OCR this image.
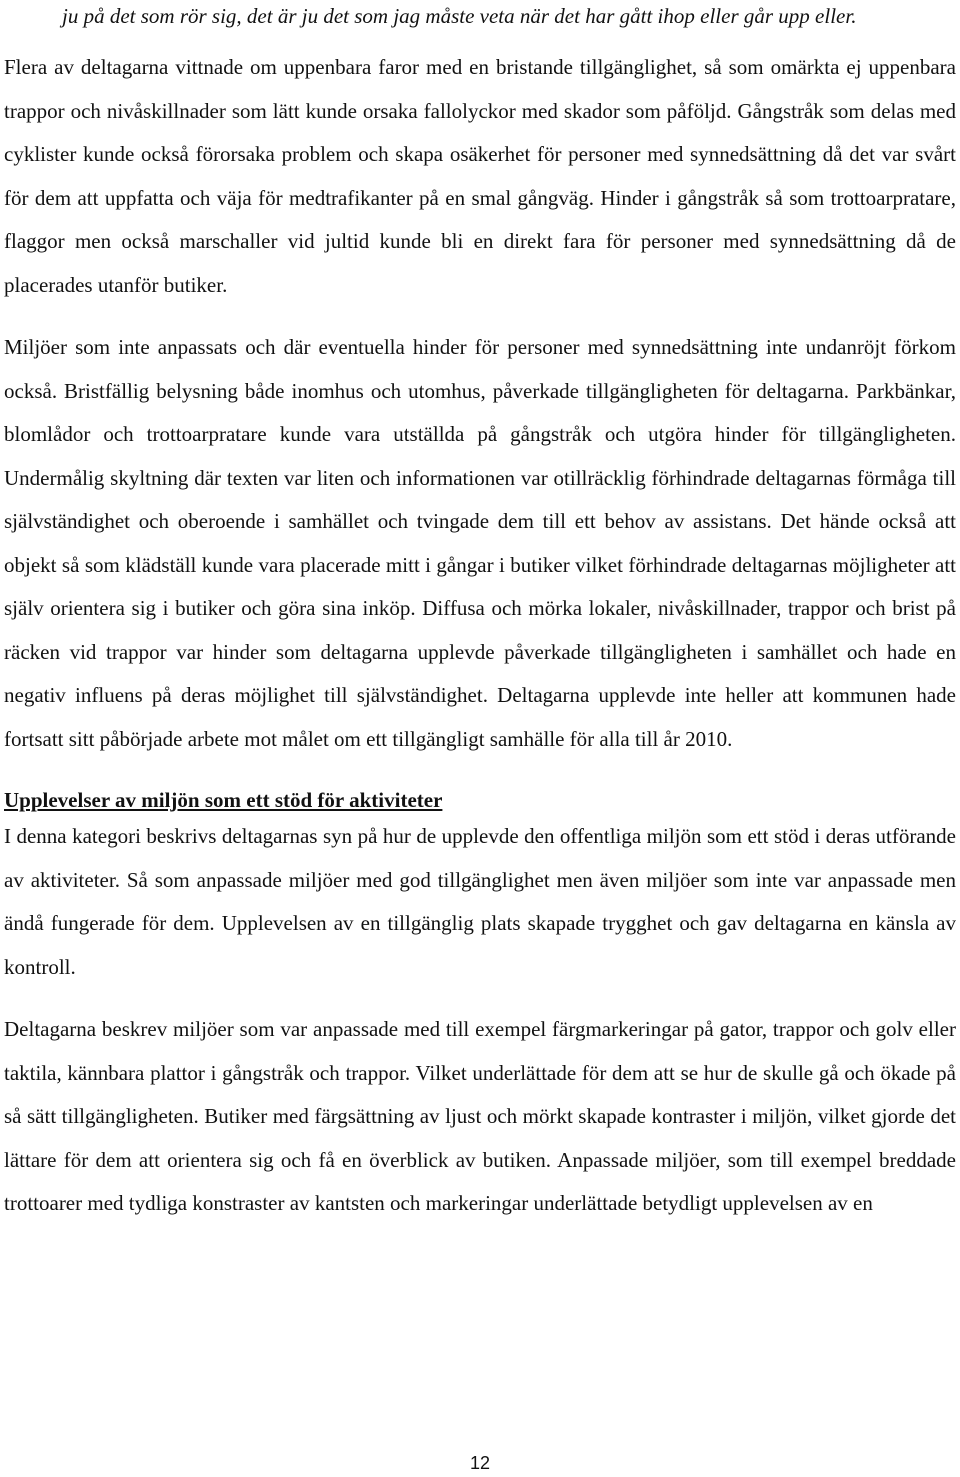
ju på det som rör sig, det är ju det som jag måste veta när det har gått ihop eller går upp eller.

Flera av deltagarna vittnade om uppenbara faror med en bristande tillgänglighet, så som omärkta ej uppenbara trappor och nivåskillnader som lätt kunde orsaka fallolyckor med skador som påföljd. Gångstråk som delas med cyklister kunde också förorsaka problem och skapa osäkerhet för personer med synnedsättning då det var svårt för dem att uppfatta och väja för medtrafikanter på en smal gångväg. Hinder i gångstråk så som trottoarpratare, flaggor men också marschaller vid jultid kunde bli en direkt fara för personer med synnedsättning då de placerades utanför butiker.

Miljöer som inte anpassats och där eventuella hinder för personer med synnedsättning inte undanröjt förkom också. Bristfällig belysning både inomhus och utomhus, påverkade tillgängligheten för deltagarna. Parkbänkar, blomlådor och trottoarpratare kunde vara utställda på gångstråk och utgöra hinder för tillgängligheten. Undermålig skyltning där texten var liten och informationen var otillräcklig förhindrade deltagarnas förmåga till självständighet och oberoende i samhället och tvingade dem till ett behov av assistans. Det hände också att objekt så som klädställ kunde vara placerade mitt i gångar i butiker vilket förhindrade deltagarnas möjligheter att själv orientera sig i butiker och göra sina inköp. Diffusa och mörka lokaler, nivåskillnader, trappor och brist på räcken vid trappor var hinder som deltagarna upplevde påverkade tillgängligheten i samhället och hade en negativ influens på deras möjlighet till självständighet. Deltagarna upplevde inte heller att kommunen hade fortsatt sitt påbörjade arbete mot målet om ett tillgängligt samhälle för alla till år 2010.

Upplevelser av miljön som ett stöd för aktiviteter

I denna kategori beskrivs deltagarnas syn på hur de upplevde den offentliga miljön som ett stöd i deras utförande av aktiviteter. Så som anpassade miljöer med god tillgänglighet men även miljöer som inte var anpassade men ändå fungerade för dem. Upplevelsen av en tillgänglig plats skapade trygghet och gav deltagarna en känsla av kontroll.

Deltagarna beskrev miljöer som var anpassade med till exempel färgmarkeringar på gator, trappor och golv eller taktila, kännbara plattor i gångstråk och trappor. Vilket underlättade för dem att se hur de skulle gå och ökade på så sätt tillgängligheten. Butiker med färgsättning av ljust och mörkt skapade kontraster i miljön, vilket gjorde det lättare för dem att orientera sig och få en överblick av butiken. Anpassade miljöer, som till exempel breddade trottoarer med tydliga konstraster av kantsten och markeringar underlättade betydligt upplevelsen av en

12
